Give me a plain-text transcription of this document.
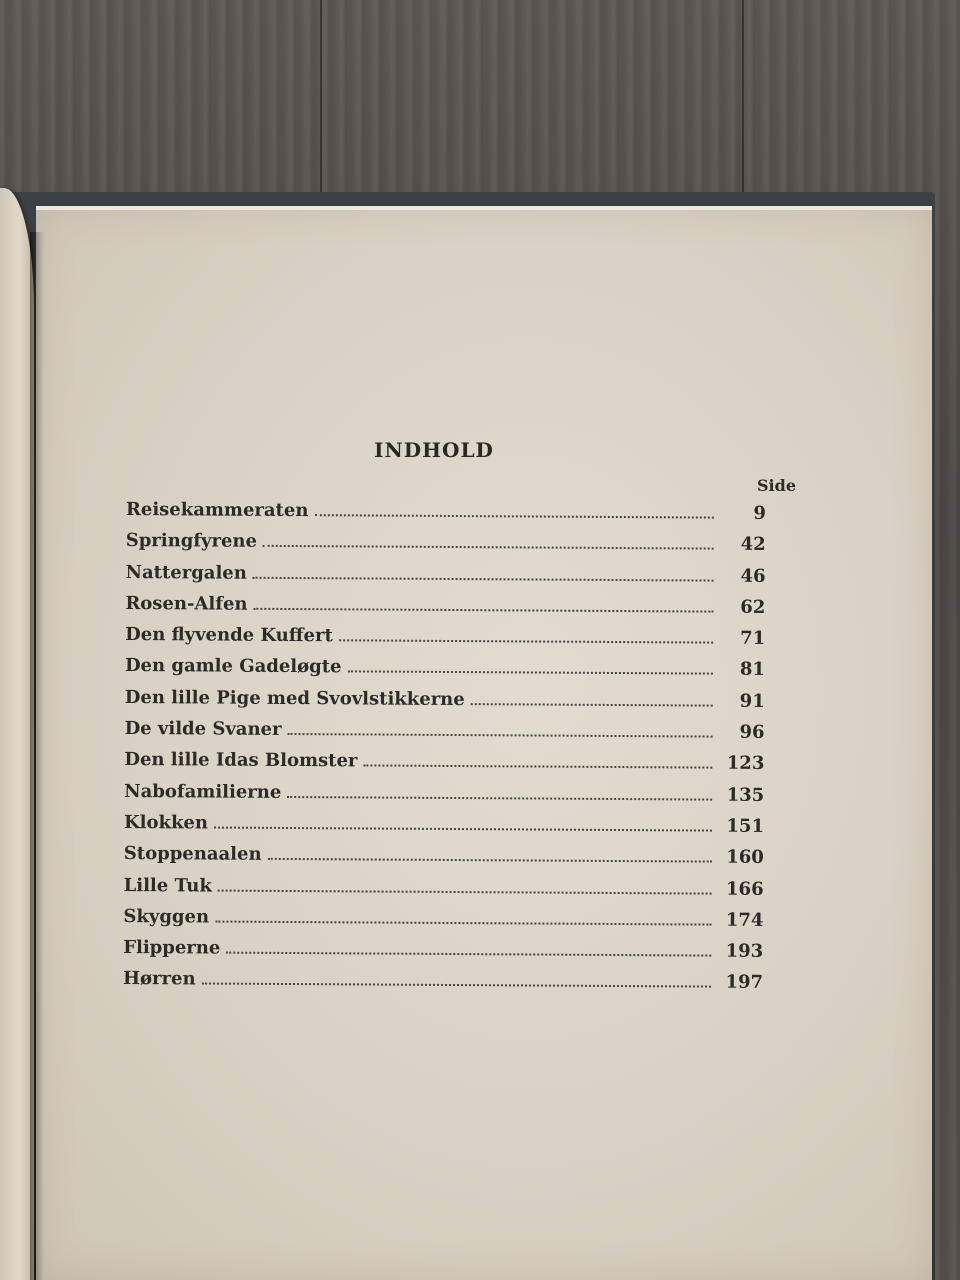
INDHOLD
Side
Reisekammeraten	9
Springfyrene	42
Nattergalen	46
Rosen-Alfen	62
Den flyvende Kuffert	71
Den gamle Gadeløgte	81
Den lille Pige med Svovlstikkerne	91
De vilde Svaner	96
Den lille Idas Blomster	123
Nabofamilierne	135
Klokken	151
Stoppenaalen	160
Lille Tuk	166
Skyggen	174
Flipperne	193
Hørren	197
